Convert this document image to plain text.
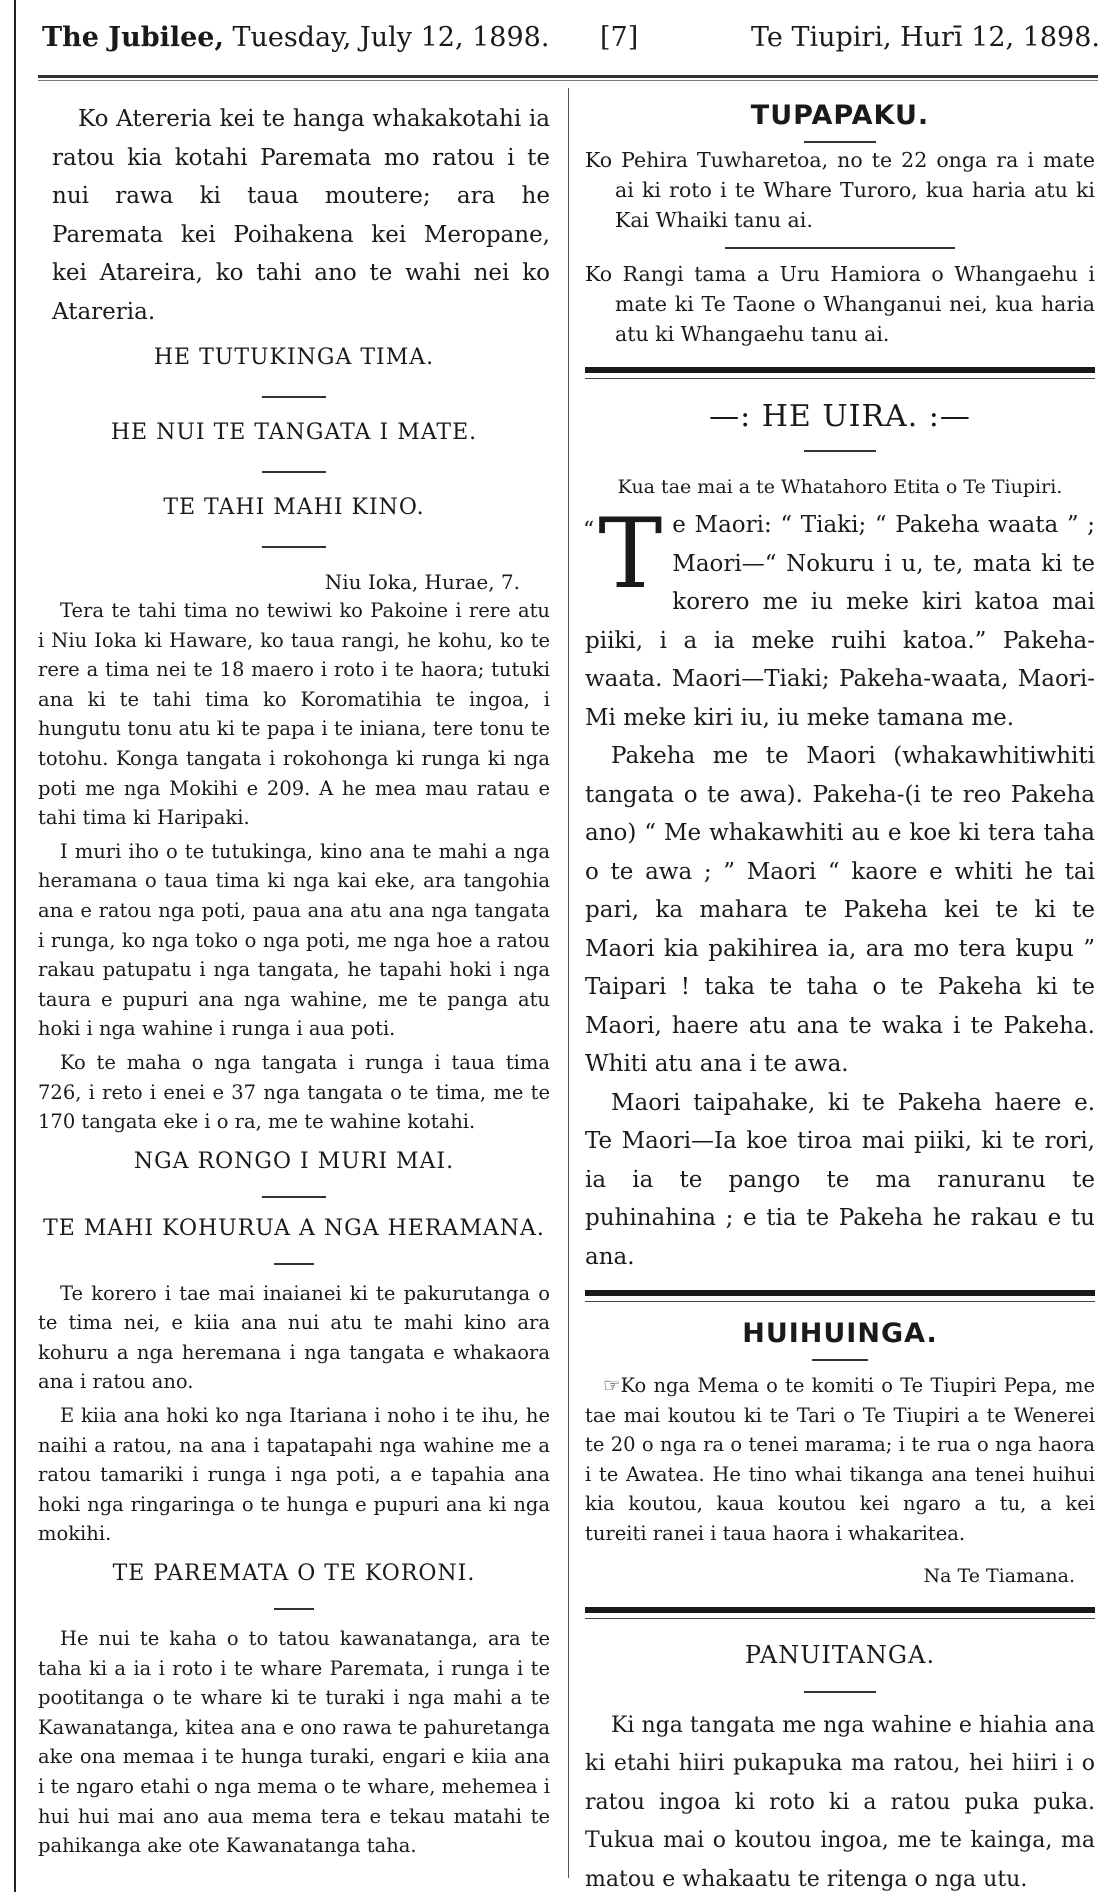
The Jubilee, Tuesday, July 12, 1898. [7]	Te Tiupiri, Hurī 12, 1898.

Ko Atereria kei te hanga whakakotahi ia ratou kia kotahi Paremata mo ratou i te nui rawa ki taua moutere; ara he Paremata kei Poihakena kei Meropane, kei Atareira, ko tahi ano te wahi nei ko Atareria.

HE TUTUKINGA TIMA.
HE NUI TE TANGATA I MATE.
TE TAHI MAHI KINO.
Niu Ioka, Hurae, 7.

Tera te tahi tima no tewiwi ko Pakoine i rere atu i Niu Ioka ki Haware, ko taua rangi, he kohu, ko te rere a tima nei te 18 maero i roto i te haora; tutuki ana ki te tahi tima ko Koromatihia te ingoa, i hungutu tonu atu ki te papa i te iniana, tere tonu te totohu. Konga tangata i rokohonga ki runga ki nga poti me nga Mokihi e 209. A he mea mau ratau e tahi tima ki Haripaki.

I muri iho o te tutukinga, kino ana te mahi a nga heramana o taua tima ki nga kai eke, ara tangohia ana e ratou nga poti, paua ana atu ana nga tangata i runga, ko nga toko o nga poti, me nga hoe a ratou rakau patupatu i nga tangata, he tapahi hoki i nga taura e pupuri ana nga wahine, me te panga atu hoki i nga wahine i runga i aua poti.

Ko te maha o nga tangata i runga i taua tima 726, i reto i enei e 37 nga tangata o te tima, me te 170 tangata eke i o ra, me te wahine kotahi.

NGA RONGO I MURI MAI.
TE MAHI KOHURUA A NGA HERAMANA.

Te korero i tae mai inaianei ki te pakurutanga o te tima nei, e kiia ana nui atu te mahi kino ara kohuru a nga heremana i nga tangata e whakaora ana i ratou ano.

E kiia ana hoki ko nga Itariana i noho i te ihu, he naihi a ratou, na ana i tapatapahi nga wahine me a ratou tamariki i runga i nga poti, a e tapahia ana hoki nga ringaringa o te hunga e pupuri ana ki nga mokihi.

TE PAREMATA O TE KORONI.

He nui te kaha o to tatou kawanatanga, ara te taha ki a ia i roto i te whare Paremata, i runga i te pootitanga o te whare ki te turaki i nga mahi a te Kawanatanga, kitea ana e ono rawa te pahuretanga ake ona memaa i te hunga turaki, engari e kiia ana i te ngaro etahi o nga mema o te whare, mehemea i hui hui mai ano aua mema tera e tekau matahi te pahikanga ake ote Kawanatanga taha.

TUPAPAKU.

Ko Pehira Tuwharetoa, no te 22 onga ra i mate ai ki roto i te Whare Turoro, kua haria atu ki Kai Whaiki tanu ai.

Ko Rangi tama a Uru Hamiora o Whangaehu i mate ki Te Taone o Whanganui nei, kua haria atu ki Whangaehu tanu ai.

—: HE UIRA. :—
Kua tae mai a te Whatahoro Etita o Te Tiupiri.
“ T e Maori: “ Tiaki; “ Pakeha waata ” ; Maori—“ Nokuru i u, te, mata ki te korero me iu meke kiri katoa mai piiki, i a ia meke ruihi katoa.” Pakeha-waata. Maori—Tiaki; Pakeha-waata, Maori-Mi meke kiri iu, iu meke tamana me.

Pakeha me te Maori (whakawhitiwhiti tangata o te awa). Pakeha-(i te reo Pakeha ano) “ Me whakawhiti au e koe ki tera taha o te awa ; ” Maori “ kaore e whiti he tai pari, ka mahara te Pakeha kei te ki te Maori kia pakihirea ia, ara mo tera kupu ” Taipari ! taka te taha o te Pakeha ki te Maori, haere atu ana te waka i te Pakeha. Whiti atu ana i te awa.

Maori taipahake, ki te Pakeha haere e. Te Maori—Ia koe tiroa mai piiki, ki te rori, ia ia te pango te ma ranuranu te puhinahina ; e tia te Pakeha he rakau e tu ana.

HUIHUINGA.

☞Ko nga Mema o te komiti o Te Tiupiri Pepa, me tae mai koutou ki te Tari o Te Tiupiri a te Wenerei te 20 o nga ra o tenei marama; i te rua o nga haora i te Awatea. He tino whai tikanga ana tenei huihui kia koutou, kaua koutou kei ngaro a tu, a kei tureiti ranei i taua haora i whakaritea.

Na Te Tiamana.
PANUITANGA.

Ki nga tangata me nga wahine e hiahia ana ki etahi hiiri pukapuka ma ratou, hei hiiri i o ratou ingoa ki roto ki a ratou puka puka. Tukua mai o koutou ingoa, me te kainga, ma matou e whakaatu te ritenga o nga utu.
